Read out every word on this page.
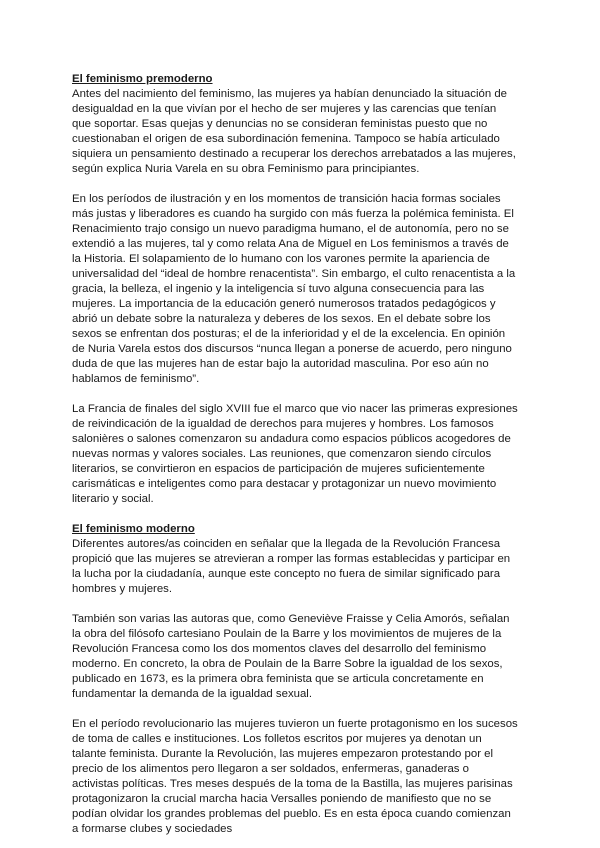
El feminismo premoderno

Antes del nacimiento del feminismo, las mujeres ya habían denunciado la situación de desigualdad en la que vivían por el hecho de ser mujeres y las carencias que tenían que soportar. Esas quejas y denuncias no se consideran feministas puesto que no cuestionaban el origen de esa subordinación femenina. Tampoco se había articulado siquiera un pensamiento destinado a recuperar los derechos arrebatados a las mujeres, según explica Nuria Varela en su obra Feminismo para principiantes.

En los períodos de ilustración y en los momentos de transición hacia formas sociales más justas y liberadores es cuando ha surgido con más fuerza la polémica feminista. El Renacimiento trajo consigo un nuevo paradigma humano, el de autonomía, pero no se extendió a las mujeres, tal y como relata Ana de Miguel en Los feminismos a través de la Historia. El solapamiento de lo humano con los varones permite la apariencia de universalidad del “ideal de hombre renacentista”. Sin embargo, el culto renacentista a la gracia, la belleza, el ingenio y la inteligencia sí tuvo alguna consecuencia para las mujeres. La importancia de la educación generó numerosos tratados pedagógicos y abrió un debate sobre la naturaleza y deberes de los sexos. En el debate sobre los sexos se enfrentan dos posturas; el de la inferioridad y el de la excelencia. En opinión de Nuria Varela estos dos discursos “nunca llegan a ponerse de acuerdo, pero ninguno duda de que las mujeres han de estar bajo la autoridad masculina. Por eso aún no hablamos de feminismo”.

La Francia de finales del siglo XVIII fue el marco que vio nacer las primeras expresiones de reivindicación de la igualdad de derechos para mujeres y hombres. Los famosos salonières o salones comenzaron su andadura como espacios públicos acogedores de nuevas normas y valores sociales. Las reuniones, que comenzaron siendo círculos literarios, se convirtieron en espacios de participación de mujeres suficientemente carismáticas e inteligentes como para destacar y protagonizar un nuevo movimiento literario y social.

El feminismo moderno

Diferentes autores/as coinciden en señalar que la llegada de la Revolución Francesa propició que las mujeres se atrevieran a romper las formas establecidas y participar en la lucha por la ciudadanía, aunque este concepto no fuera de similar significado para hombres y mujeres.

También son varias las autoras que, como Geneviève Fraisse y Celia Amorós, señalan la obra del filósofo cartesiano Poulain de la Barre y los movimientos de mujeres de la Revolución Francesa como los dos momentos claves del desarrollo del feminismo moderno. En concreto, la obra de Poulain de la Barre Sobre la igualdad de los sexos, publicado en 1673, es la primera obra feminista que se articula concretamente en fundamentar la demanda de la igualdad sexual.

En el período revolucionario las mujeres tuvieron un fuerte protagonismo en los sucesos de toma de calles e instituciones. Los folletos escritos por mujeres ya denotan un talante feminista. Durante la Revolución, las mujeres empezaron protestando por el precio de los alimentos pero llegaron a ser soldados, enfermeras, ganaderas o activistas políticas. Tres meses después de la toma de la Bastilla, las mujeres parisinas protagonizaron la crucial marcha hacia Versalles poniendo de manifiesto que no se podían olvidar los grandes problemas del pueblo. Es en esta época cuando comienzan a formarse clubes y sociedades
